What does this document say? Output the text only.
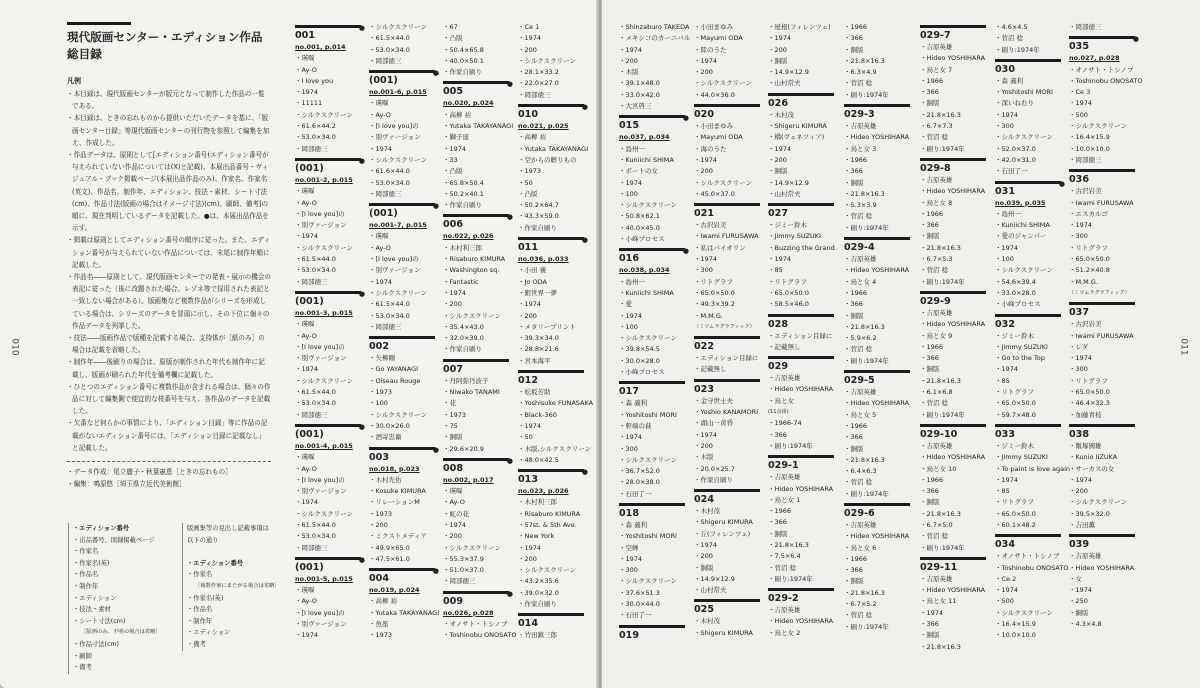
010
現代版画センター・エディション作品
総目録
凡例

・本目録は、現代版画センターが版元となって制作した作品の一覧である。

・本目録は、ときの忘れものから提供いただいたデータを基に、「版画センター目録」等現代版画センターの刊行物を参照して編集を加え、作成した。

・作品データは、原則として[エディション番号(エディション番号が与えられていない作品については(X)と記載)、本展出品番号・ヴィジュアル・ブック掲載ページ(本展出品作品のみ)、作家名、作家名(英文)、作品名、制作年、エディション、技法・素材、シート寸法(cm)、作品寸法(版画の場合はイメージ寸法)(cm)、刷師、備考]の順に、現在判明しているデータを記載した。●は、本展出品作品を示す。

・掲載は原則としてエディション番号の順序に従った。また、エディション番号が与えられていない作品については、末尾に制作年順に記載した。

・作品名――原則として、現代版画センターでの発表・展示の機会の表記に従った（後に改題された場合、レゾネ等で採用された表記と一致しない場合がある）。版画集など複数作品がシリーズを形成している場合は、シリーズのデータを冒頭に示し、その下位に個々の作品データを列挙した。

・技法――版画作品で版種を記載する場合、支持体が［紙のみ］の場合は記載を省略した。

・制作年――後刷りの場合は、原版が制作された年代も制作年に記載し、版画が刷られた年代を備考欄に記載した。

・ひとつのエディション番号に複数作品が含まれる場合は、個々の作品に対して編集側で便宜的な枝番号を与え、各作品のデータを記載した。

・欠番など何らかの事情により、「エディション目録」等に作品の記載がないエディション番号には、「エディション目録に記載なし」と記載した。

・データ作成：尾立麗子・秋葉憲恵［ときの忘れもの］

・編集：鳴原悠［埼玉県立近代美術館］

・エディション番号
・出品番号、図録掲載ページ
・作家名
・作家名(英)
・作品名
・制作年
・エディション
・技法・素材
・シート寸法(cm)
［版画のみ、不明の場合は省略］
・作品寸法(cm)
・刷師
・備考
版画集等の見出し記載事項は
以下の通り

・エディション番号
・作家名
［複数作家にまたがる場合は省略］
・作家名(英)
・作品名
・制作年
・エディション
・備考
001
●
no.001, p.014
・瑛嘔
・Ay-O
・I love you
・1974
・11111
・シルクスクリーン
・61.6×44.2
・53.0×34.0
・岡部徳三
(001)
●
no.001-2, p.015
・瑛嘔
・Ay-O
・[I love you]の
・別ヴァージョン
・1974
・シルクスクリーン
・61.5×44.0
・53.0×34.0
・岡部徳三
(001)
●
no.001-3, p.015
・瑛嘔
・Ay-O
・[I love you]の
・別ヴァージョン
・1974
・シルクスクリーン
・61.5×44.0
・53.0×34.0
・岡部徳三
(001)
●
no.001-4, p.015
・瑛嘔
・Ay-O
・[I love you]の
・別ヴァージョン
・1974
・シルクスクリーン
・61.5×44.0
・53.0×34.0
・岡部徳三
(001)
●
no.001-5, p.015
・瑛嘔
・Ay-O
・[I love you]の
・別ヴァージョン
・1974
・シルクスクリーン
・61.5×44.0
・53.0×34.0
・岡部徳三
(001)
●
no.001-6, p.015
・瑛嘔
・Ay-O
・[I love you]の
・別ヴァージョン
・1974
・シルクスクリーン
・61.6×44.0
・53.0×34.0
・岡部徳三
(001)
●
no.001-7, p.015
・瑛嘔
・Ay-O
・[I love you]の
・別ヴァージョン
・1974
・シルクスクリーン
・61.5×44.0
・53.0×34.0
・岡部徳三
002
・矢柳剛
・Go YAYANAGI
・Oiseau Rouge
・1973
・100
・シルクスクリーン
・30.0×26.0
・酒寄忠衛
003
●
no.018, p.023
・木村光佑
・Kosuke KIMURA
・リレーションM
・1973
・200
・ミクストメディア
・49.9×65.0
・47.5×61.0
004
●
no.019, p.024
・高柳 裕
・Yutaka TAKAYANAGI
・魚座
・1973
・67
・凸版
・50.4×65.8
・40.0×50.1
・作家自刷り
005
●
no.020, p.024
・高柳 裕
・Yutaka TAKAYANAGI
・獅子座
・1974
・33
・凸版
・65.8×50.4
・50.2×40.1
・作家自刷り
006
●
no.022, p.026
・木村利三郎
・Risaburo KIMURA
・Washington sq.
・Fantastic
・1974
・200
・シルクスクリーン
・35.4×43.0
・32.0×39.0
・作家自刷り
007
・丹阿弥丹波子
・Niwako TANAMI
・花
・1973
・75
・銅版
・29.6×20.9
008
●
no.002, p.017
・瑛嘔
・Ay-O
・虹の花
・1974
・200
・シルクスクリーン
・55.3×37.9
・51.0×37.0
・岡部徳三
009
●
no.026, p.028
・オノサト・トシノブ
・Toshinobu ONOSATO
・Ce 1
・1974
・200
・シルクスクリーン
・28.1×33.2
・22.0×27.0
・岡部徳三
010
●
no.021, p.025
・高柳 裕
・Yutaka TAKAYANAGI
・空からの贈りもの
・1973
・50
・凸版
・50.2×64.7
・43.3×59.0
・作家自刷り
011
●
no.036, p.033
・小田 襄
・Jo ODA
・銀世界一夢
・1974
・200
・メタリープリント
・39.3×34.0
・28.8×21.6
・宮本海平
012
・松坂芳助
・Yoshisuke FUNASAKA
・Black-360
・1974
・50
・木版,シルクスクリーン
・48.0×42.5
013
●
no.023, p.026
・木村利三郎
・Risaburo KIMURA
・57st. & 5th Ave.
・New York
・1974
・200
・シルクスクリーン
・43.2×35.6
・39.0×32.0
・作家自刷り
014
・竹田鎮三郎
011
・Shinzaburo TAKEDA
・メキシコのカーニバル
・1974
・200
・木版
・39.1×48.0
・33.0×42.0
・大宮啓三
015
●
no.037, p.034
・島州一
・Kuniichi SHIMA
・ボートの女
・1974
・100
・シルクスクリーン
・50.8×62.1
・40.0×45.0
・小峰プロセス
016
●
no.038, p.034
・島州一
・Kuniichi SHIMA
・愛
・1974
・100
・シルクスクリーン
・39.8×54.5
・30.0×28.0
・小峰プロセス
017
・森 義利
・Yoshitoshi MORI
・軒端の萩
・1974
・300
・シルクスクリーン
・36.7×52.0
・28.0×38.0
・石田了一
018
・森 義利
・Yoshitoshi MORI
・空蝉
・1974
・300
・シルクスクリーン
・37.6×51.3
・30.0×44.0
・石田了一
019
・小田まゆみ
・Mayumi ODA
・陸のうた
・1974
・200
・シルクスクリーン
・44.0×36.0
020
・小田まゆみ
・Mayumi ODA
・海のうた
・1974
・200
・シルクスクリーン
・45.0×37.0
021
・古沢岩美
・Iwami FURUSAWA
・私はバイオリン
・1974
・300
・リトグラフ
・65.0×50.0
・49.3×39.2
・M.M.G.
（ミツムラグラフィック）
022
・エディション目録に
・記載無し
023
・金守世士夫
・Yoshio KANAMORI
・湖山一黄昏
・1974
・200
・木版
・20.0×25.7
・作家自刷り
024
・木村茂
・Shigeru KIMURA
・丘(フィレンツェ)
・1974
・200
・銅版
・14.9×12.9
・山村常夫
025
・木村茂
・Shigeru KIMURA
・屋根(フィレンツェ)
・1974
・200
・銅版
・14.9×12.9
・山村常夫
026
・木村茂
・Shigeru KIMURA
・橋(ヴェネツィア)
・1974
・200
・銅版
・14.9×12.9
・山村常夫
027
・ジミー鈴木
・Jimmy SUZUKI
・Buzzing the Grand
・1974
・85
・リトグラフ
・65.0×50.0
・58.5×46.0
028
・エディション目録に
・記載無し
029
・吉原英雄
・Hideo YOSHIHARA
・鳥と女
(11点組)
・1966-74
・366
・刷り:1974年
029-1
・吉原英雄
・Hideo YOSHIHARA
・鳥と女 1
・1966
・366
・銅版
・21.8×16.3
・7.5×6.4
・菅沼 稔
・刷り:1974年
029-2
・吉原英雄
・Hideo YOSHIHARA
・鳥と女 2
・1966
・366
・銅版
・21.8×16.3
・6.3×4.9
・菅沼 稔
・刷り:1974年
029-3
・吉原英雄
・Hideo YOSHIHARA
・鳥と女 3
・1966
・366
・銅版
・21.8×16.3
・5.3×3.9
・菅沼 稔
・刷り:1974年
029-4
・吉原英雄
・Hideo YOSHIHARA
・鳥と女 4
・1966
・366
・銅版
・21.8×16.3
・5.9×6.2
・菅沼 稔
・刷り:1974年
029-5
・吉原英雄
・Hideo YOSHIHARA
・鳥と女 5
・1966
・366
・銅版
・21.8×16.3
・6.4×6.3
・菅沼 稔
・刷り:1974年
029-6
・吉原英雄
・Hideo YOSHIHARA
・鳥と女 6
・1966
・366
・銅版
・21.8×16.3
・6.7×5.2
・菅沼 稔
・刷り:1974年
029-7
・吉原英雄
・Hideo YOSHIHARA
・鳥と女 7
・1966
・366
・銅版
・21.8×16.3
・6.7×7.3
・菅沼 稔
・刷り:1974年
029-8
・吉原英雄
・Hideo YOSHIHARA
・鳥と女 8
・1966
・366
・銅版
・21.8×16.3
・6.7×5.3
・菅沼 稔
・刷り:1974年
029-9
・吉原英雄
・Hideo YOSHIHARA
・鳥と女 9
・1966
・366
・銅版
・21.8×16.3
・6.1×6.8
・菅沼 稔
・刷り:1974年
029-10
・吉原英雄
・Hideo YOSHIHARA
・鳥と女 10
・1966
・366
・銅版
・21.8×16.3
・6.7×5.0
・菅沼 稔
・刷り:1974年
029-11
・吉原英雄
・Hideo YOSHIHARA
・鳥と女 11
・1974
・366
・銅版
・21.8×16.3
・4.6×4.5
・菅沼 稔
・刷り:1974年
030
・森 義利
・Yoshitoshi MORI
・深いねむり
・1974
・300
・シルクスクリーン
・52.0×37.0
・42.0×31.0
・石田了一
031
●
no.039, p.035
・島州一
・Kuniichi SHIMA
・愛のジャンパー
・1974
・100
・シルクスクリーン
・54.6×39.4
・33.0×28.0
・小峰プロセス
032
・ジミー鈴木
・Jimmy SUZUKI
・Go to the Top
・1974
・85
・リトグラフ
・65.0×50.0
・59.7×48.0
033
・ジミー鈴木
・Jimmy SUZUKI
・To paint is love again
・1974
・85
・リトグラフ
・65.0×50.0
・60.1×48.2
034
・オノサト・トシノブ
・Toshinobu ONOSATO
・Ce 2
・1974
・500
・シルクスクリーン
・16.4×15.9
・10.0×10.0
・岡部徳三
035
●
no.027, p.028
・オノサト・トシノブ
・Toshinobu ONOSATO
・Ce 3
・1974
・500
・シルクスクリーン
・16.4×15.9
・10.0×10.0
・岡部徳三
036
・古沢岩美
・Iwami FURUSAWA
・エスカルゴ
・1974
・300
・リトグラフ
・65.0×50.0
・51.2×40.8
・M.M.G.
（ミツムラグラフィック）
037
・古沢岩美
・Iwami FURUSAWA
・レダ
・1974
・300
・リトグラフ
・65.0×50.0
・46.4×32.3
・加藤青枝
038
・飯塚國雄
・Kunio IIZUKA
・サーカスの女
・1974
・200
・シルクスクリーン
・39.5×32.0
・吉田薫
039
・吉原英雄
・Hideo YOSHIHARA
・女
・1974
・250
・銅版
・4.3×4.8
